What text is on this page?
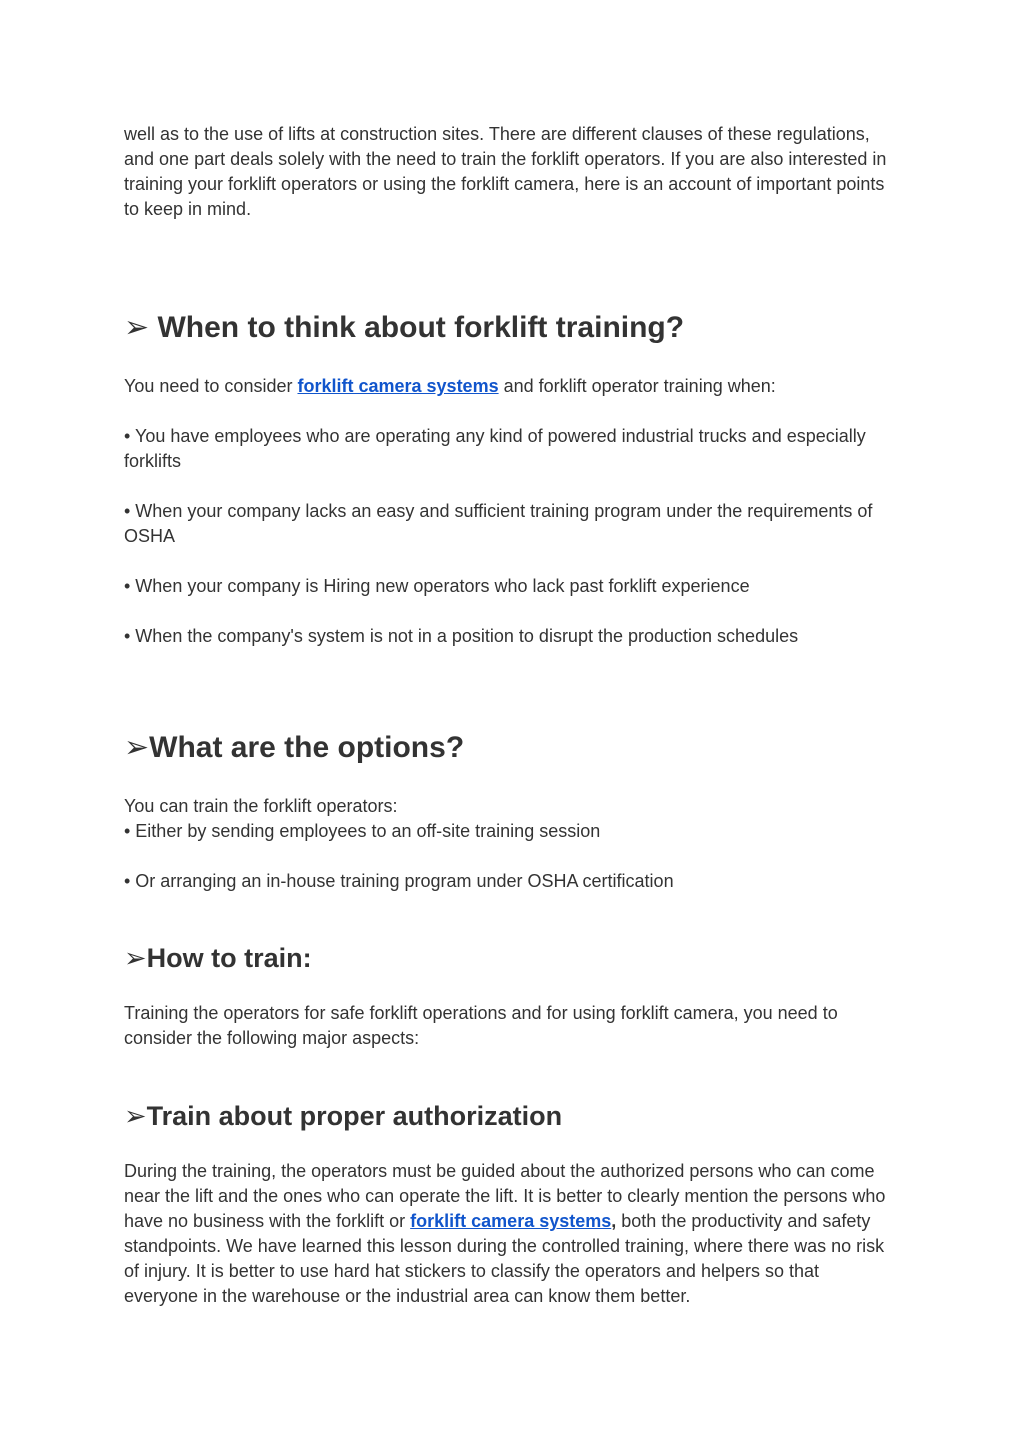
well as to the use of lifts at construction sites. There are different clauses of these regulations, and one part deals solely with the need to train the forklift operators. If you are also interested in training your forklift operators or using the forklift camera, here is an account of important points to keep in mind.

➢ When to think about forklift training?

You need to consider forklift camera systems and forklift operator training when:

• You have employees who are operating any kind of powered industrial trucks and especially forklifts

• When your company lacks an easy and sufficient training program under the requirements of OSHA

• When your company is Hiring new operators who lack past forklift experience

• When the company's system is not in a position to disrupt the production schedules

➢What are the options?

You can train the forklift operators:

• Either by sending employees to an off-site training session

• Or arranging an in-house training program under OSHA certification

➢How to train:

Training the operators for safe forklift operations and for using forklift camera, you need to consider the following major aspects:

➢Train about proper authorization

During the training, the operators must be guided about the authorized persons who can come near the lift and the ones who can operate the lift. It is better to clearly mention the persons who have no business with the forklift or forklift camera systems, both the productivity and safety standpoints. We have learned this lesson during the controlled training, where there was no risk of injury. It is better to use hard hat stickers to classify the operators and helpers so that everyone in the warehouse or the industrial area can know them better.
